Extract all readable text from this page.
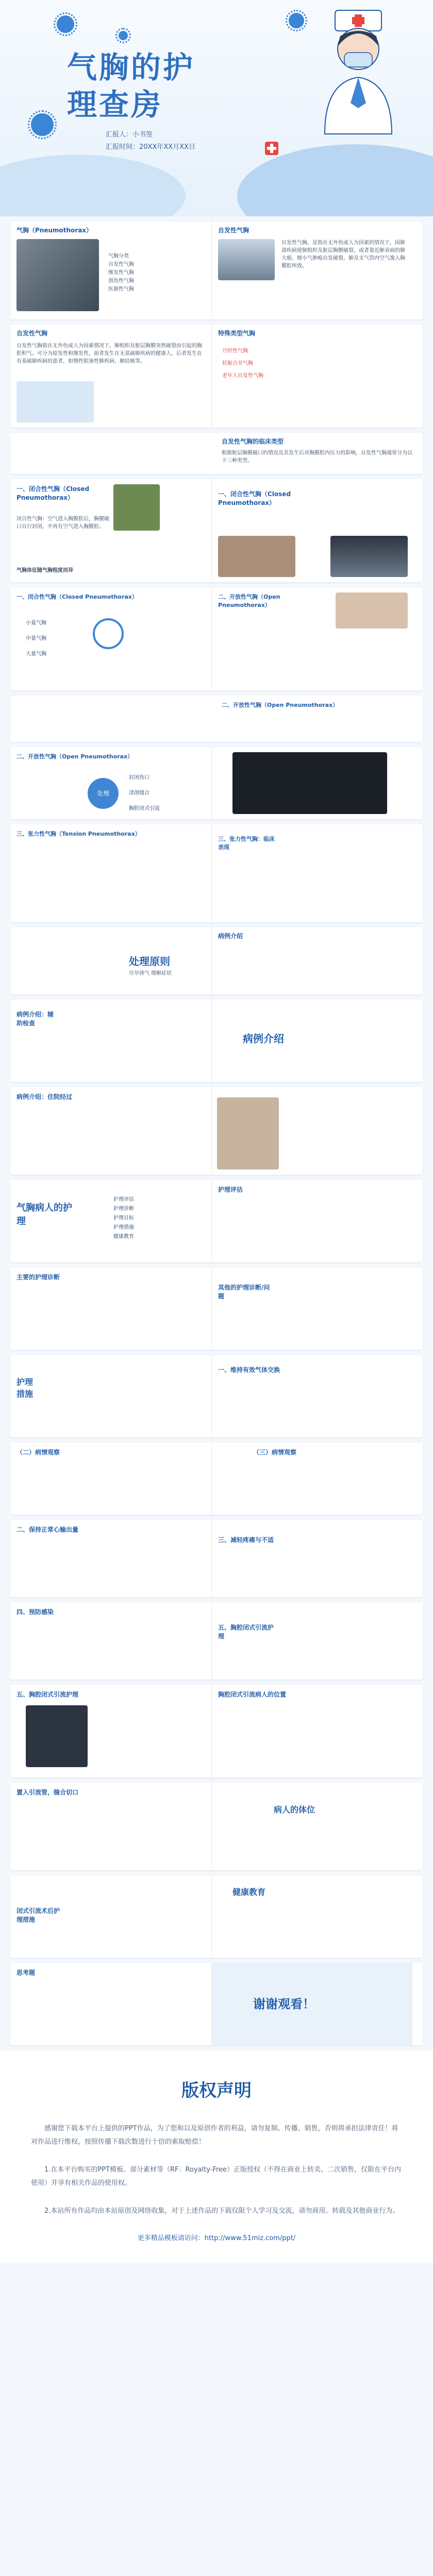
气胸的护
理查房
汇报人：小书签
汇报时间：20XX年XX月XX日
气胸（Pneumothorax）
气胸分类
自发性气胸
继发性气胸
创伤性气胸
医源性气胸
自发性气胸
自发性气胸，是指在无外伤或人为因素的情况下，因肺部疾病使肺组织及脏层胸膜破裂，或者靠近肺表面的肺大疱、细小气肿疱自发破裂，肺及支气管内空气逸入胸膜腔所致。
自发性气胸
自发性气胸指在无外伤或人为因素情况下，肺组织及脏层胸膜突然破裂而引起的胸腔积气。可分为原发性和继发性，前者发生在无基础肺疾病的健康人，后者发生在有基础肺疾病的患者，如慢性阻塞性肺疾病、肺结核等。
特殊类型气胸
月经性气胸
妊娠合并气胸
老年人自发性气胸
自发性气胸的临床类型
根据脏层胸膜破口的情况及其发生后对胸膜腔内压力的影响，自发性气胸通常分为以下三种类型。
一、闭合性气胸（Closed Pneumothorax）
闭合性气胸：空气进入胸膜腔后，胸膜破口自行封闭，不再有空气进入胸膜腔。
气胸体征随气胸程度而异
一、闭合性气胸（Closed Pneumothorax）
一、闭合性气胸（Closed Pneumothorax）
小量气胸
中量气胸
大量气胸
二、开放性气胸（Open Pneumothorax）
二、开放性气胸（Open Pneumothorax）
二、开放性气胸（Open Pneumothorax）
处理
封闭伤口
清创缝合
胸腔闭式引流
三、张力性气胸（Tension Pneumothorax）
三、张力性气胸：临床表现
处理原则
尽早排气 缓解症状
病例介绍
病例介绍：辅助检查
病例介绍
病例介绍：住院经过
气胸病人的护理
护理评估
护理诊断
护理目标
护理措施
健康教育
护理评估
主要的护理诊断
其他的护理诊断/问题
护理措施
一、维持有效气体交换
（二）病情观察	（三）病情观察
二、保持正常心输出量
三、减轻疼痛与不适
四、预防感染
五、胸腔闭式引流护理
五、胸腔闭式引流护理	胸腔闭式引流病人的位置
置入引流管，缝合切口
病人的体位
闭式引流术后护理措施
健康教育
思考题
谢谢观看！
版权声明

感谢您下载本平台上提供的PPT作品，为了您和以及原创作者的利益，请勿复制、传播、销售，否则将承担法律责任！将对作品进行维权，按照传播下载次数进行十倍的索取赔偿！

1.在本平台购买的PPT模板、部分素材等（RF：Royalty-Free）正版授权（不得在商业上转卖、二次销售，仅限在平台内使用）并享有相关作品的使用权。

2.本站所有作品均由本站原创及网络收集，对于上述作品的下载仅限个人学习及交流，请勿商用、转载及其他商业行为。

更多精品模板请访问：http://www.51miz.com/ppt/
